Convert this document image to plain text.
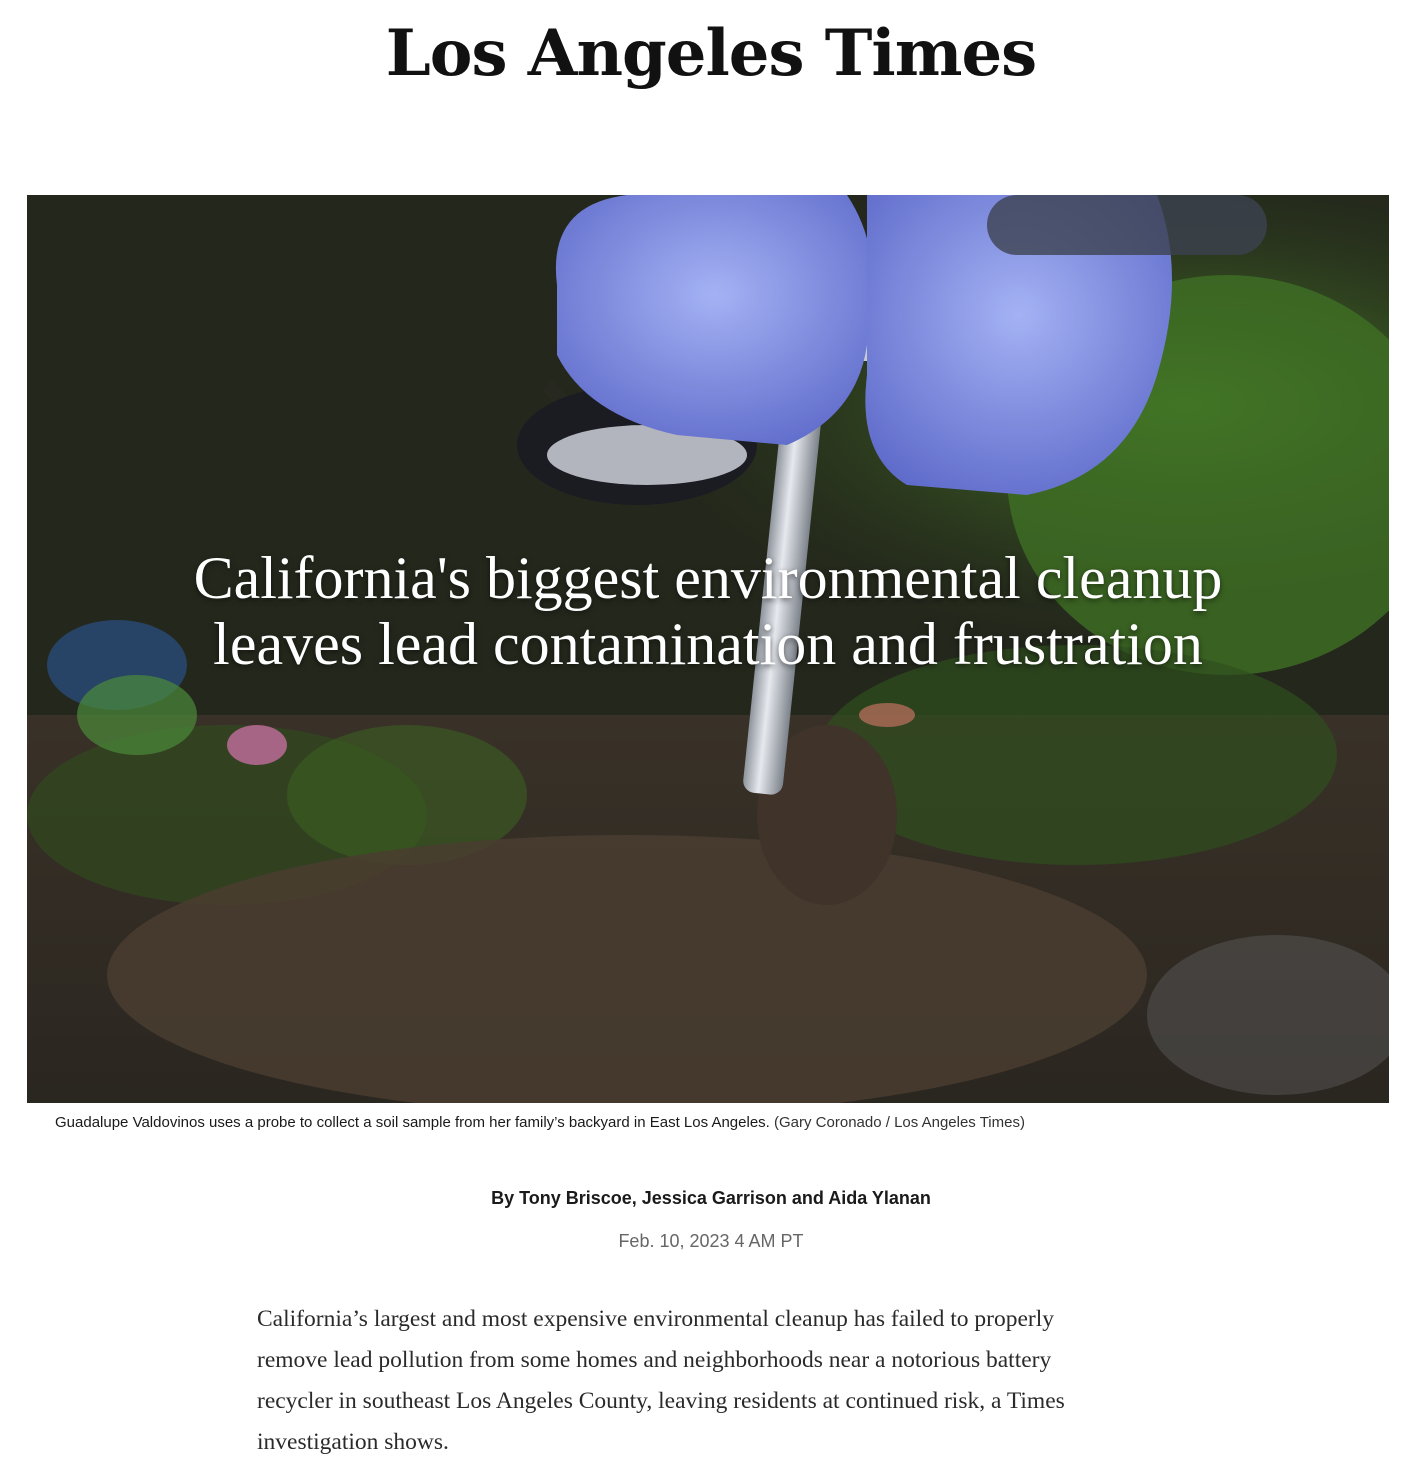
Los Angeles Times
California's biggest environmental cleanup
leaves lead contamination and frustration
Guadalupe Valdovinos uses a probe to collect a soil sample from her family’s backyard in East Los Angeles. (Gary Coronado / Los Angeles Times)
By Tony Briscoe, Jessica Garrison and Aida Ylanan
Feb. 10, 2023 4 AM PT

California’s largest and most expensive environmental cleanup has failed to properly
remove lead pollution from some homes and neighborhoods near a notorious battery
recycler in southeast Los Angeles County, leaving residents at continued risk, a Times
investigation shows.
